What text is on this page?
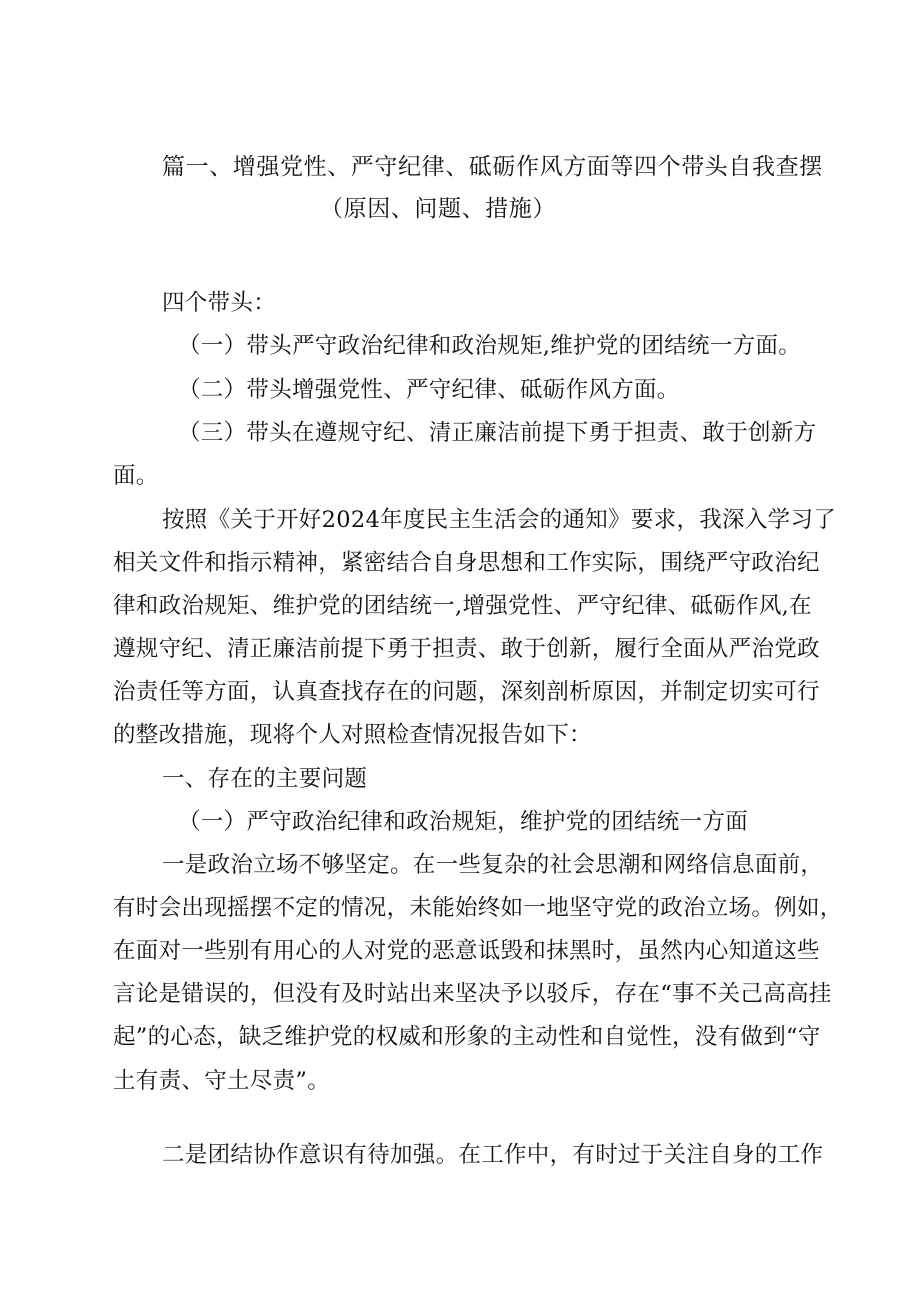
篇一、增强党性、严守纪律、砥砺作风方面等四个带头自我查摆
（原因、问题、措施）
四个带头：
（一）带头严守政治纪律和政治规矩,维护党的团结统一方面。
（二）带头增强党性、严守纪律、砥砺作风方面。
（三）带头在遵规守纪、清正廉洁前提下勇于担责、敢于创新方
面。
按照《关于开好2024年度民主生活会的通知》要求，我深入学习了
相关文件和指示精神，紧密结合自身思想和工作实际，围绕严守政治纪
律和政治规矩、维护党的团结统一,增强党性、严守纪律、砥砺作风,在
遵规守纪、清正廉洁前提下勇于担责、敢于创新，履行全面从严治党政
治责任等方面，认真查找存在的问题，深刻剖析原因，并制定切实可行
的整改措施，现将个人对照检查情况报告如下：
一、存在的主要问题
（一）严守政治纪律和政治规矩，维护党的团结统一方面
一是政治立场不够坚定。在一些复杂的社会思潮和网络信息面前，
有时会出现摇摆不定的情况，未能始终如一地坚守党的政治立场。例如，
在面对一些别有用心的人对党的恶意诋毁和抹黑时，虽然内心知道这些
言论是错误的，但没有及时站出来坚决予以驳斥，存在“事不关己高高挂
起”的心态，缺乏维护党的权威和形象的主动性和自觉性，没有做到“守
土有责、守土尽责”。
二是团结协作意识有待加强。在工作中，有时过于关注自身的工作
